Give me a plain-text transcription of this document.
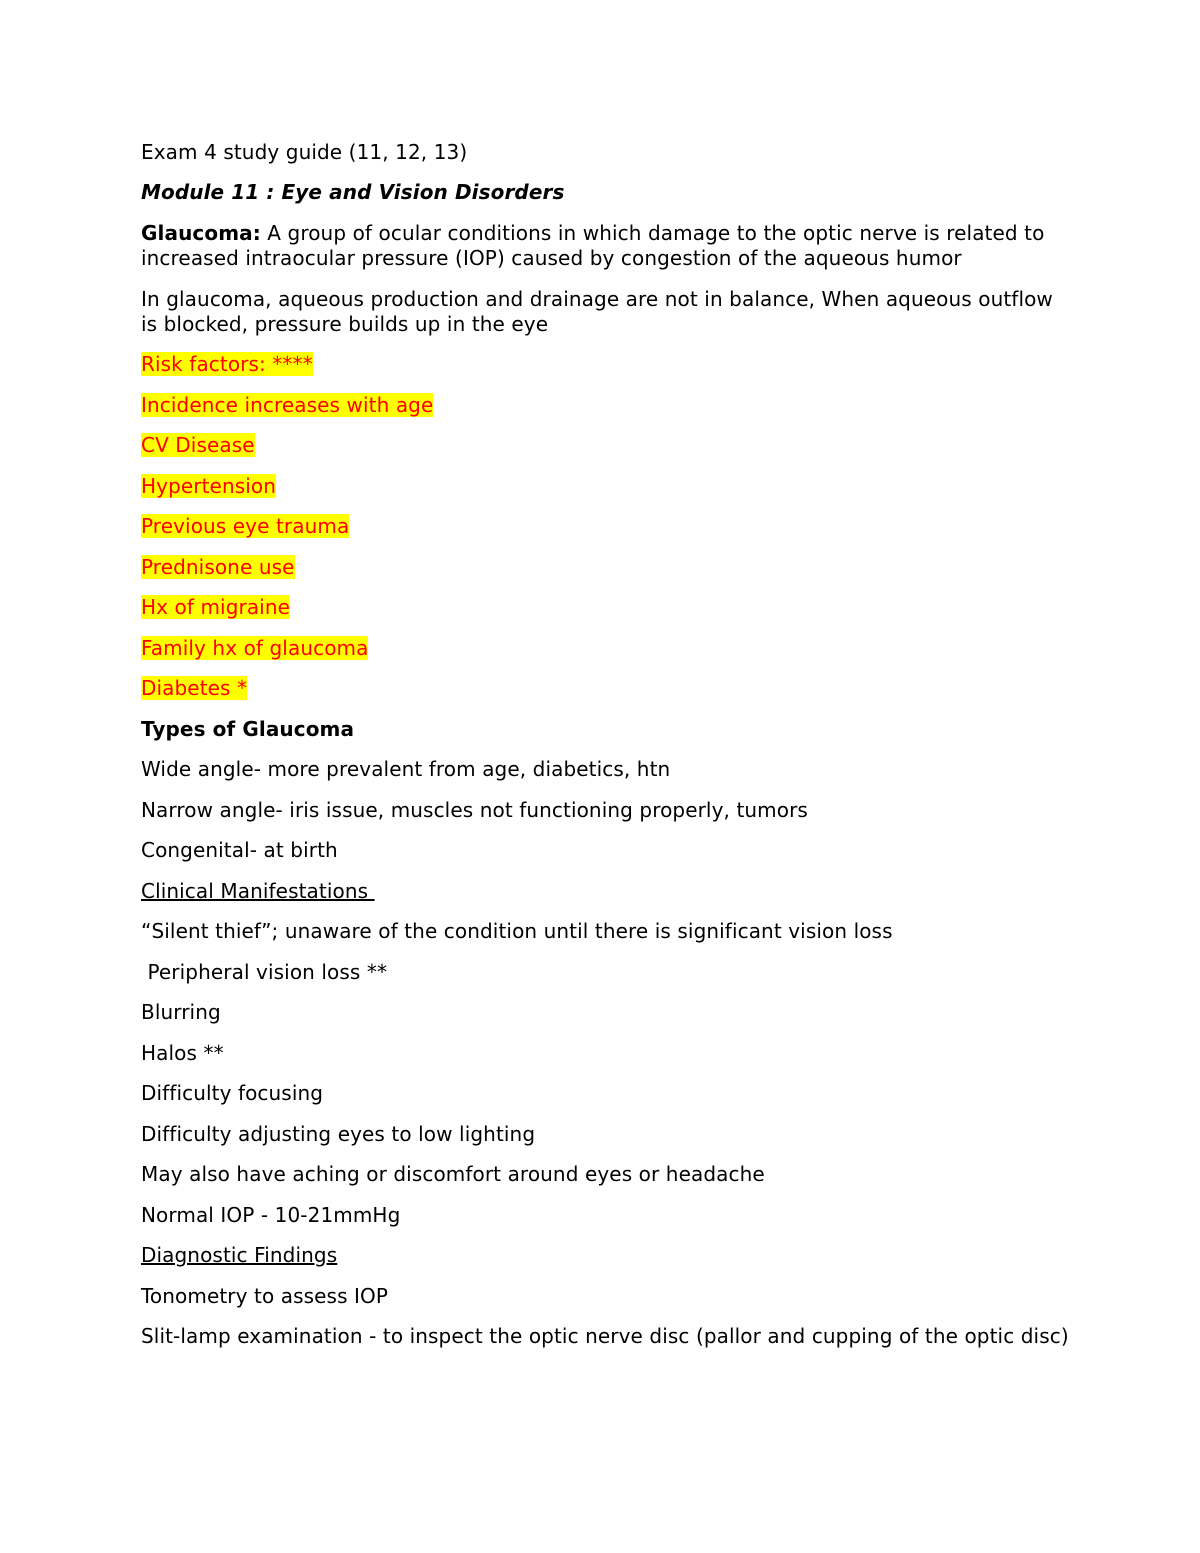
Exam 4 study guide (11, 12, 13)

Module 11 : Eye and Vision Disorders

Glaucoma: A group of ocular conditions in which damage to the optic nerve is related to increased intraocular pressure (IOP) caused by congestion of the aqueous humor

In glaucoma, aqueous production and drainage are not in balance, When aqueous outflow is blocked, pressure builds up in the eye

Risk factors: ****

Incidence increases with age

CV Disease

Hypertension

Previous eye trauma

Prednisone use

Hx of migraine

Family hx of glaucoma

Diabetes *

Types of Glaucoma

Wide angle- more prevalent from age, diabetics, htn

Narrow angle- iris issue, muscles not functioning properly, tumors

Congenital- at birth

Clinical Manifestations

“Silent thief”; unaware of the condition until there is significant vision loss

Peripheral vision loss **

Blurring

Halos **

Difficulty focusing

Difficulty adjusting eyes to low lighting

May also have aching or discomfort around eyes or headache

Normal IOP - 10-21mmHg

Diagnostic Findings

Tonometry to assess IOP

Slit-lamp examination - to inspect the optic nerve disc (pallor and cupping of the optic disc)
